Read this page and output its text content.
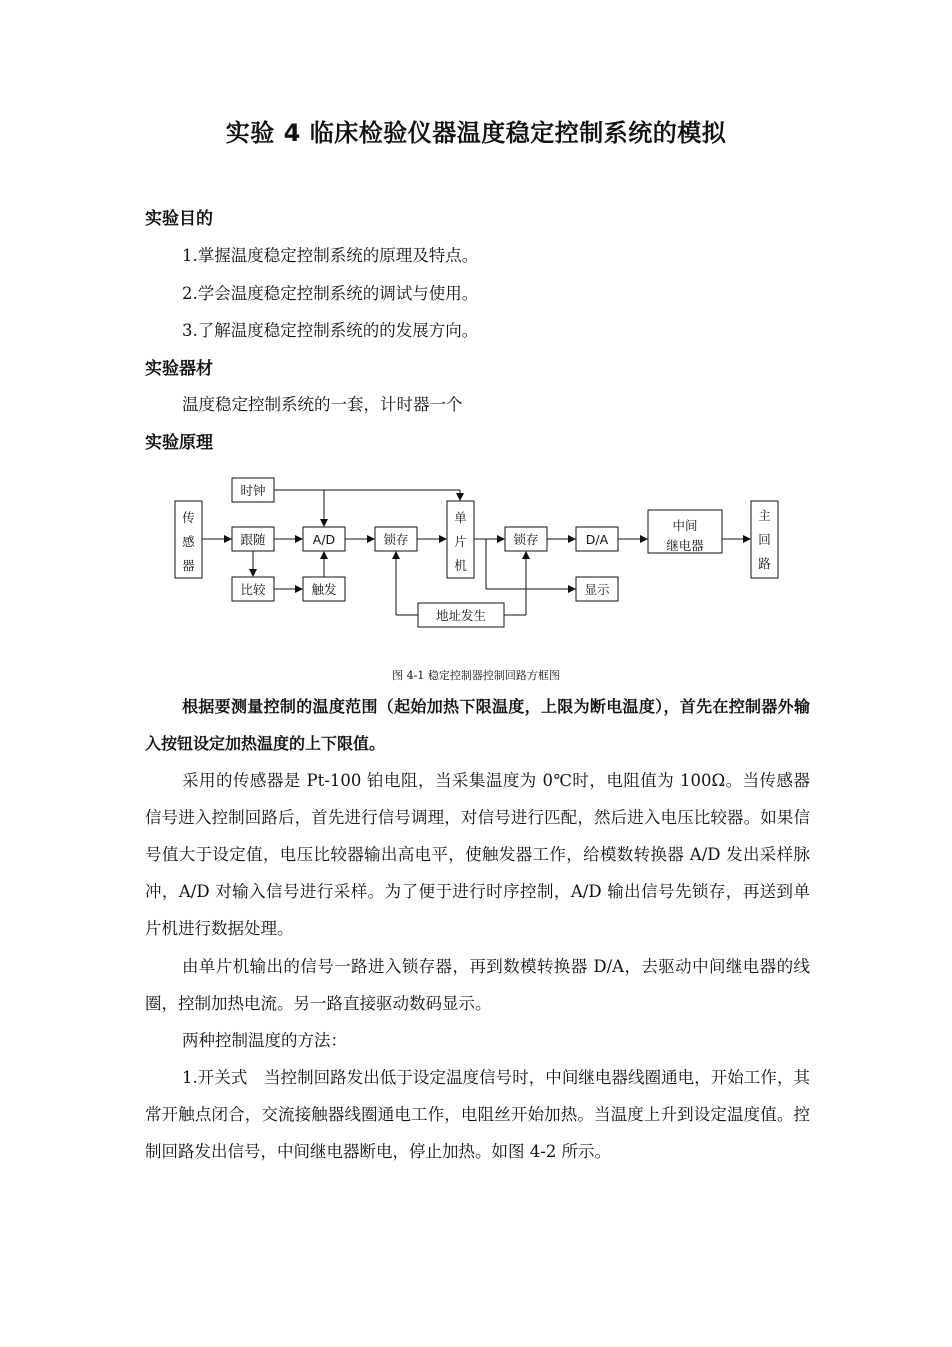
实验 4 临床检验仪器温度稳定控制系统的模拟

实验目的

1.掌握温度稳定控制系统的原理及特点。

2.学会温度稳定控制系统的调试与使用。

3.了解温度稳定控制系统的的发展方向。

实验器材

温度稳定控制系统的一套，计时器一个

实验原理

传
感
器
时钟
跟随	A/D	锁存
单
片
机
锁存	D/A
中间
继电器
主
回
路
比较	触发	显示
地址发生

图 4-1 稳定控制器控制回路方框图

根据要测量控制的温度范围（起始加热下限温度，上限为断电温度），首先在控制器外输入按钮设定加热温度的上下限值。

采用的传感器是 Pt-100 铂电阻，当采集温度为 0℃时，电阻值为 100Ω。当传感器信号进入控制回路后，首先进行信号调理，对信号进行匹配，然后进入电压比较器。如果信号值大于设定值，电压比较器输出高电平，使触发器工作，给模数转换器 A/D 发出采样脉冲，A/D 对输入信号进行采样。为了便于进行时序控制，A/D 输出信号先锁存，再送到单片机进行数据处理。

由单片机输出的信号一路进入锁存器，再到数模转换器 D/A，去驱动中间继电器的线圈，控制加热电流。另一路直接驱动数码显示。

两种控制温度的方法：

1.开关式　当控制回路发出低于设定温度信号时，中间继电器线圈通电，开始工作，其常开触点闭合，交流接触器线圈通电工作，电阻丝开始加热。当温度上升到设定温度值。控制回路发出信号，中间继电器断电，停止加热。如图 4-2 所示。
